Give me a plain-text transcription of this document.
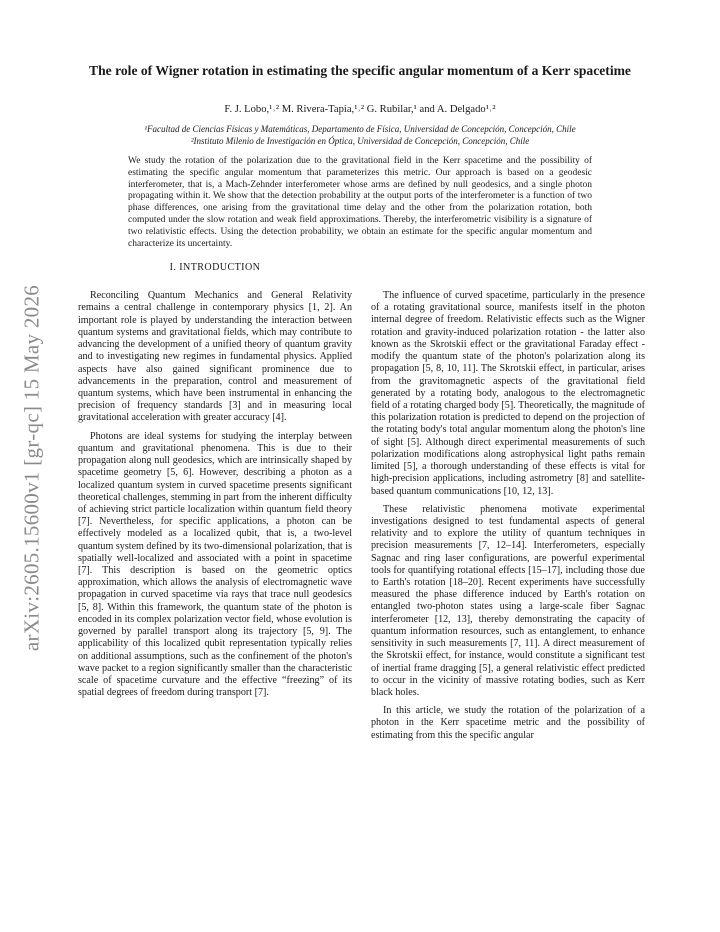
arXiv:2605.15600v1 [gr-qc] 15 May 2026
The role of Wigner rotation in estimating the specific angular momentum of a Kerr spacetime
F. J. Lobo,¹˒² M. Rivera-Tapia,¹˒² G. Rubilar,¹ and A. Delgado¹˒²
¹Facultad de Ciencias Físicas y Matemáticas, Departamento de Física, Universidad de Concepción, Concepción, Chile
²Instituto Milenio de Investigación en Óptica, Universidad de Concepción, Concepción, Chile

We study the rotation of the polarization due to the gravitational field in the Kerr spacetime and the possibility of estimating the specific angular momentum that parameterizes this metric. Our approach is based on a geodesic interferometer, that is, a Mach-Zehnder interferometer whose arms are defined by null geodesics, and a single photon propagating within it. We show that the detection probability at the output ports of the interferometer is a function of two phase differences, one arising from the gravitational time delay and the other from the polarization rotation, both computed under the slow rotation and weak field approximations. Thereby, the interferometric visibility is a signature of two relativistic effects. Using the detection probability, we obtain an estimate for the specific angular momentum and characterize its uncertainty.

I. INTRODUCTION

Reconciling Quantum Mechanics and General Relativity remains a central challenge in contemporary physics [1, 2]. An important role is played by understanding the interaction between quantum systems and gravitational fields, which may contribute to advancing the development of a unified theory of quantum gravity and to investigating new regimes in fundamental physics. Applied aspects have also gained significant prominence due to advancements in the preparation, control and measurement of quantum systems, which have been instrumental in enhancing the precision of frequency standards [3] and in measuring local gravitational acceleration with greater accuracy [4].

Photons are ideal systems for studying the interplay between quantum and gravitational phenomena. This is due to their propagation along null geodesics, which are intrinsically shaped by spacetime geometry [5, 6]. However, describing a photon as a localized quantum system in curved spacetime presents significant theoretical challenges, stemming in part from the inherent difficulty of achieving strict particle localization within quantum field theory [7]. Nevertheless, for specific applications, a photon can be effectively modeled as a localized qubit, that is, a two-level quantum system defined by its two-dimensional polarization, that is spatially well-localized and associated with a point in spacetime [7]. This description is based on the geometric optics approximation, which allows the analysis of electromagnetic wave propagation in curved spacetime via rays that trace null geodesics [5, 8]. Within this framework, the quantum state of the photon is encoded in its complex polarization vector field, whose evolution is governed by parallel transport along its trajectory [5, 9]. The applicability of this localized qubit representation typically relies on additional assumptions, such as the confinement of the photon's wave packet to a region significantly smaller than the characteristic scale of spacetime curvature and the effective “freezing” of its spatial degrees of freedom during transport [7].

The influence of curved spacetime, particularly in the presence of a rotating gravitational source, manifests itself in the photon internal degree of freedom. Relativistic effects such as the Wigner rotation and gravity-induced polarization rotation - the latter also known as the Skrotskii effect or the gravitational Faraday effect - modify the quantum state of the photon's polarization along its propagation [5, 8, 10, 11]. The Skrotskii effect, in particular, arises from the gravitomagnetic aspects of the gravitational field generated by a rotating body, analogous to the electromagnetic field of a rotating charged body [5]. Theoretically, the magnitude of this polarization rotation is predicted to depend on the projection of the rotating body's total angular momentum along the photon's line of sight [5]. Although direct experimental measurements of such polarization modifications along astrophysical light paths remain limited [5], a thorough understanding of these effects is vital for high-precision applications, including astrometry [8] and satellite-based quantum communications [10, 12, 13].

These relativistic phenomena motivate experimental investigations designed to test fundamental aspects of general relativity and to explore the utility of quantum techniques in precision measurements [7, 12–14]. Interferometers, especially Sagnac and ring laser configurations, are powerful experimental tools for quantifying rotational effects [15–17], including those due to Earth's rotation [18–20]. Recent experiments have successfully measured the phase difference induced by Earth's rotation on entangled two-photon states using a large-scale fiber Sagnac interferometer [12, 13], thereby demonstrating the capacity of quantum information resources, such as entanglement, to enhance sensitivity in such measurements [7, 11]. A direct measurement of the Skrotskii effect, for instance, would constitute a significant test of inertial frame dragging [5], a general relativistic effect predicted to occur in the vicinity of massive rotating bodies, such as Kerr black holes.

In this article, we study the rotation of the polarization of a photon in the Kerr spacetime metric and the possibility of estimating from this the specific angular
